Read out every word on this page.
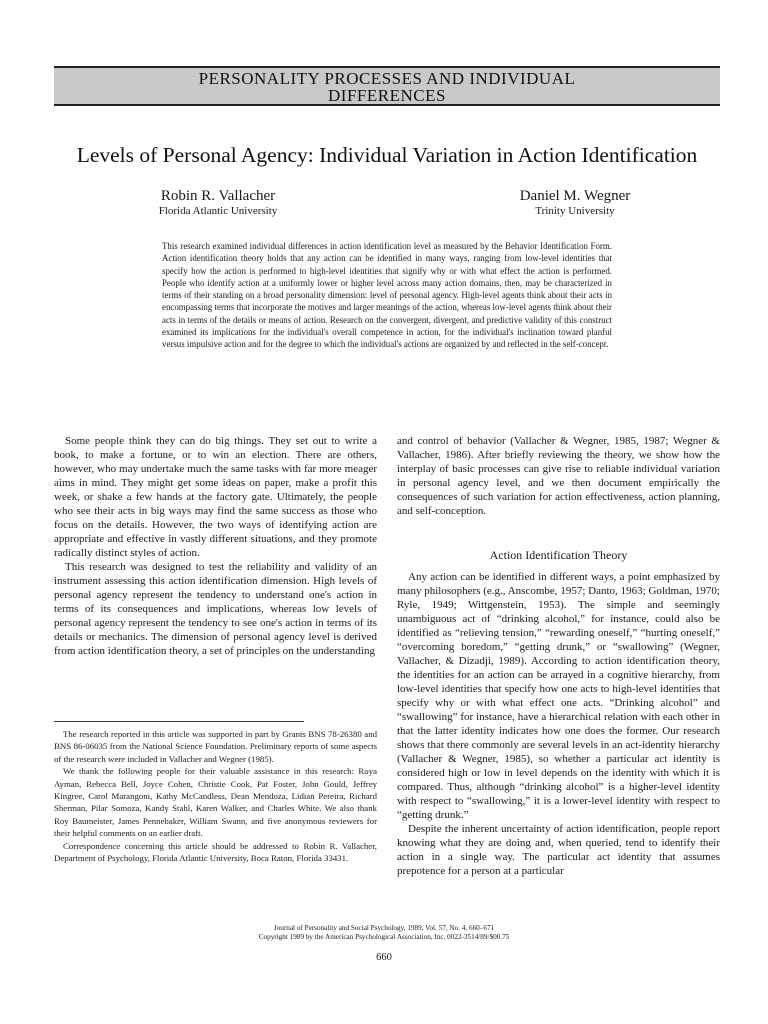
PERSONALITY PROCESSES AND INDIVIDUAL
DIFFERENCES
Levels of Personal Agency: Individual Variation in Action Identification
Robin R. Vallacher
Florida Atlantic University
Daniel M. Wegner
Trinity University

This research examined individual differences in action identification level as measured by the Behavior Identification Form. Action identification theory holds that any action can be identified in many ways, ranging from low-level identities that specify how the action is performed to high-level identities that signify why or with what effect the action is performed. People who identify action at a uniformly lower or higher level across many action domains, then, may be characterized in terms of their standing on a broad personality dimension: level of personal agency. High-level agents think about their acts in encompassing terms that incorporate the motives and larger meanings of the action, whereas low-level agents think about their acts in terms of the details or means of action. Research on the convergent, divergent, and predictive validity of this construct examined its implications for the individual's overall competence in action, for the individual's inclination toward planful versus impulsive action and for the degree to which the individual's actions are organized by and reflected in the self-concept.

Some people think they can do big things. They set out to write a book, to make a fortune, or to win an election. There are others, however, who may undertake much the same tasks with far more meager aims in mind. They might get some ideas on paper, make a profit this week, or shake a few hands at the factory gate. Ultimately, the people who see their acts in big ways may find the same success as those who focus on the details. However, the two ways of identifying action are appropriate and effective in vastly different situations, and they promote radically distinct styles of action.

This research was designed to test the reliability and validity of an instrument assessing this action identification dimension. High levels of personal agency represent the tendency to understand one's action in terms of its consequences and implications, whereas low levels of personal agency represent the tendency to see one's action in terms of its details or mechanics. The dimension of personal agency level is derived from action identification theory, a set of principles on the understanding

The research reported in this article was supported in part by Grants BNS 78-26380 and BNS 86-06035 from the National Science Foundation. Preliminary reports of some aspects of the research were included in Vallacher and Wegner (1985).

We thank the following people for their valuable assistance in this research: Roya Ayman, Rebecca Bell, Joyce Cohen, Christie Cook, Pat Foster, John Gould, Jeffrey Kingree, Carol Marangoni, Kathy McCandless, Dean Mendoza, Lidian Pereira, Richard Sherman, Pilar Somoza, Kandy Stahl, Karen Walker, and Charles White. We also thank Roy Baumeister, James Pennebaker, William Swann, and five anonymous reviewers for their helpful comments on an earlier draft.

Correspondence concerning this article should be addressed to Robin R. Vallacher, Department of Psychology, Florida Atlantic University, Boca Raton, Florida 33431.

and control of behavior (Vallacher & Wegner, 1985, 1987; Wegner & Vallacher, 1986). After briefly reviewing the theory, we show how the interplay of basic processes can give rise to reliable individual variation in personal agency level, and we then document empirically the consequences of such variation for action effectiveness, action planning, and self-conception.

Action Identification Theory

Any action can be identified in different ways, a point emphasized by many philosophers (e.g., Anscombe, 1957; Danto, 1963; Goldman, 1970; Ryle, 1949; Wittgenstein, 1953). The simple and seemingly unambiguous act of “drinking alcohol,” for instance, could also be identified as “relieving tension,” “rewarding oneself,” “hurting oneself,” “overcoming boredom,” “getting drunk,” or “swallowing” (Wegner, Vallacher, & Dizadji, 1989). According to action identification theory, the identities for an action can be arrayed in a cognitive hierarchy, from low-level identities that specify how one acts to high-level identities that specify why or with what effect one acts. “Drinking alcohol” and “swallowing” for instance, have a hierarchical relation with each other in that the latter identity indicates how one does the former. Our research shows that there commonly are several levels in an act-identity hierarchy (Vallacher & Wegner, 1985), so whether a particular act identity is considered high or low in level depends on the identity with which it is compared. Thus, although “drinking alcohol” is a higher-level identity with respect to “swallowing,” it is a lower-level identity with respect to “getting drunk.”

Despite the inherent uncertainty of action identification, people report knowing what they are doing and, when queried, tend to identify their action in a single way. The particular act identity that assumes prepotence for a person at a particular

Journal of Personality and Social Psychology, 1989, Vol. 57, No. 4, 660–671
Copyright 1989 by the American Psychological Association, Inc. 0022-3514/89/$00.75
660
